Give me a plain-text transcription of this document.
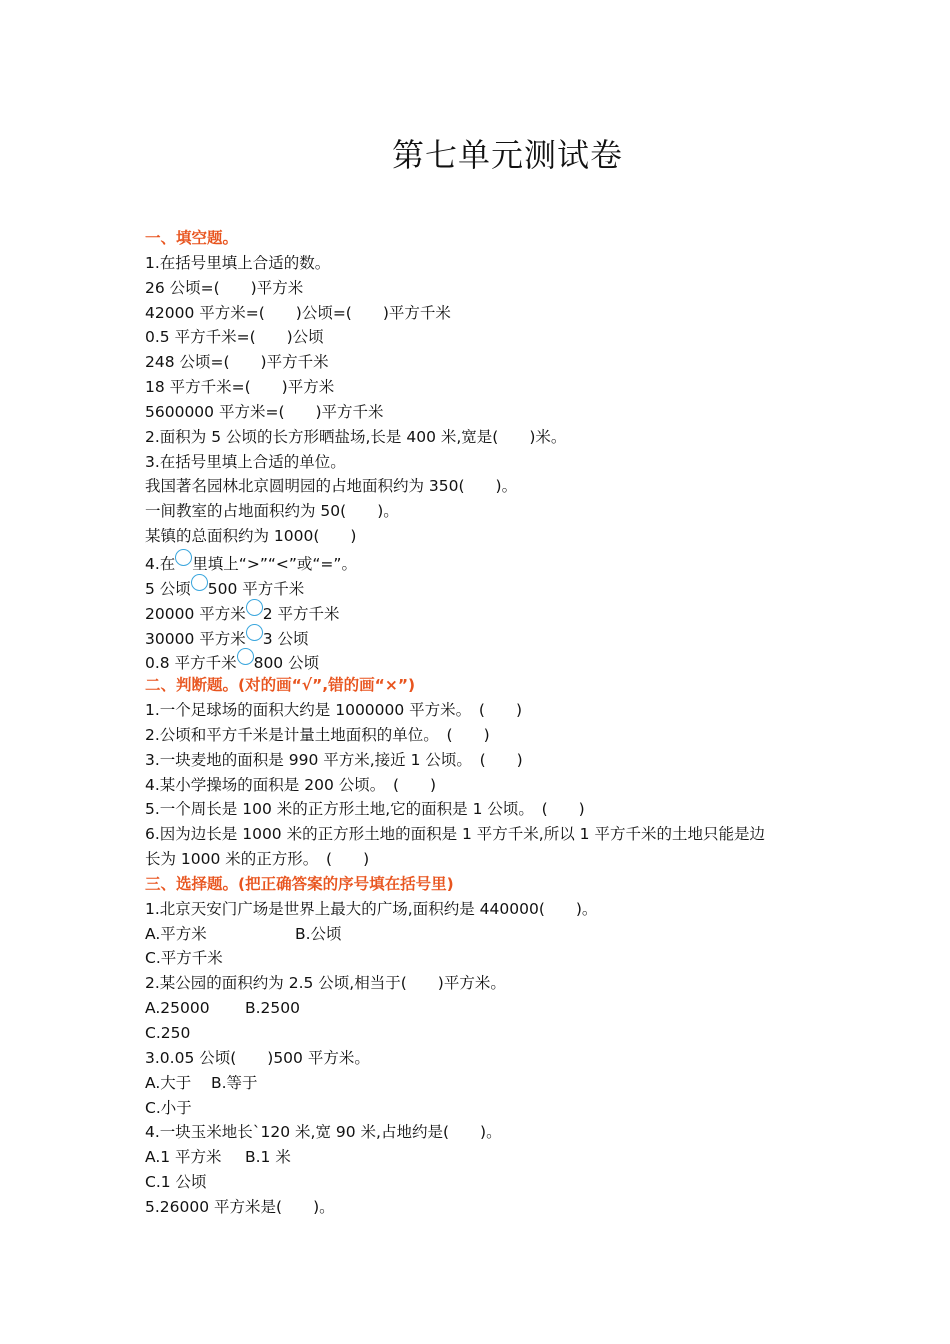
第七单元测试卷
一、填空题。
1.在括号里填上合适的数。
26 公顷=(　　)平方米
42000 平方米=(　　)公顷=(　　)平方千米
0.5 平方千米=(　　)公顷
248 公顷=(　　)平方千米
18 平方千米=(　　)平方米
5600000 平方米=(　　)平方千米
2.面积为 5 公顷的长方形晒盐场,长是 400 米,宽是(　　)米。
3.在括号里填上合适的单位。
我国著名园林北京圆明园的占地面积约为 350(　　)。
一间教室的占地面积约为 50(　　)。
某镇的总面积约为 1000(　　)
4.在 里填上“>”“<”或“=”。
5 公顷 500 平方千米
20000 平方米 2 平方千米
30000 平方米 3 公顷
0.8 平方千米 800 公顷
二、判断题。(对的画“√”,错的画“×”)
1.一个足球场的面积大约是 1000000 平方米。　(　　)
2.公顷和平方千米是计量土地面积的单位。　(　　)
3.一块麦地的面积是 990 平方米,接近 1 公顷。　(　　)
4.某小学操场的面积是 200 公顷。　(　　)
5.一个周长是 100 米的正方形土地,它的面积是 1 公顷。　(　　)
6.因为边长是 1000 米的正方形土地的面积是 1 平方千米,所以 1 平方千米的土地只能是边
长为 1000 米的正方形。　(　　)
三、选择题。(把正确答案的序号填在括号里)
1.北京天安门广场是世界上最大的广场,面积约是 440000(　　)。
A.平方米	B.公顷
C.平方千米
2.某公园的面积约为 2.5 公顷,相当于(　　)平方米。
A.25000 B.2500
C.250
3.0.05 公顷(　　)500 平方米。
A.大于 B.等于
C.小于
4.一块玉米地长`120 米,宽 90 米,占地约是(　　)。
A.1 平方米 B.1 米
C.1 公顷
5.26000 平方米是(　　)。
